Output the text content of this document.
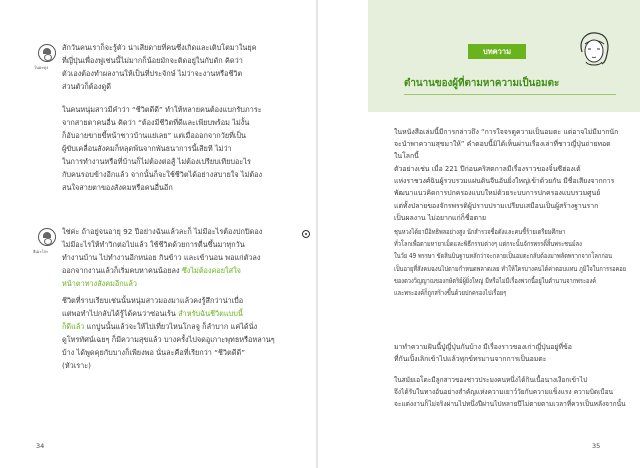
โนอะคุง
สักวันคนเราก็จะรู้ตัว น่าเสียดายที่คนซึ่งเกิดและเติบโตมาในยุค
ที่ญี่ปุ่นเพื่องฟูเช่นนี้ไม่มากก็น้อยมักจะติดอยู่ในกับดัก คิดว่า
ตัวเองต้องทำผลงานให้เป็นที่ประจักษ์ ไม่ว่าจะงานหรือชีวิต
ส่วนตัวก็ต้องดูดี
ในคนหนุ่มสาวมีคำว่า “ชีวิตดีดี” ทำให้หลายคนต้องแบกรับภาระ
จากสายตาคนอื่น คิดว่า “ต้องมีชีวิตที่ดีและเพียบพร้อม ไม่งั้น
ก็อับอายขายขี้หน้าชาวบ้านแย่เลย” แต่เมื่อออกจากวัยที่เป็น
ผู้ขับเคลื่อนสังคมก็หลุดพ้นจากพันธนาการนี้เสียที ไม่ว่า
ในการทำงานหรือที่บ้านก็ไม่ต้องต่อสู้ ไม่ต้องเปรียบเทียบอะไร
กับคนรอบข้างอีกแล้ว จากนั้นก็จะใช้ชีวิตได้อย่างสบายใจ ไม่ต้อง
สนใจสายตาของสังคมหรือคนอื่นอีก
ฮิเมะโกะ
ใช่ค่ะ ถ้าอยู่จนอายุ 92 ปีอย่างฉันแล้วละก็ ไม่มีอะไรต้องปกปิดอง
ไม่มีอะไรให้ทำวิกต่อไปแล้ว ใช้ชีวิตด้วยการตื่นขึ้นมาทุกวัน
ทำงานบ้าน ไปทำงานอีกหน่อย กินข้าว และเข้านอน พอแก่ตัวลง
ออกจากงานแล้วก็เริ่มคบหาคนน้อยลง ซึ่งไม่ต้องคอยใส่ใจ
หน้าตาทางสังคมอีกแล้ว
ชีวิตที่ราบเรียบเช่นนั้นหนุ่มสาวมองมาแล้วคงรู้สึกว่าน่าเบื่อ
แต่พอทำไปกลับได้รู้ได้คนว่าซ่อนเร้น สำหรับฉันชีวิตแบบนี้
ก็ดีแล้ว แกปูนนั้นแล้วจะให้ไปเที่ยวไหนโกลจู ก็ลำบาก แค่ได้นั่ง
ดูโทรทัศน์เฉยๆ ก็มีความสุขแล้ว บางครั้งไปจดอูเกาะพุทธหรือหลานๆ
บ้าง ได้พูดคุยกับบางก็เพียงพอ นั่นละคือที่เรียกว่า “ชีวิตดีดี”
(หัวเราะ)
34
บทความ
ตำนานของผู้ที่ตามหาความเป็นอมตะ
ในหนังสือเล่มนี้มีการกล่าวถึง “การใจจรดูความเป็นอมตะ แต่อาจไม่มีมากนัก
จะนำพาความสุขมาให้” คำตอบนี้มิได้เห็นผ่านเรื่องเล่าที่ชาวญี่ปุ่นถ่ายทอด
ในโลกนี้
ตัวอย่างเช่น เมื่อ 221 ปีก่อนคริสตกาลมีเรื่องราวของจิ๋นซีฮ่องเต้
แห่งราชวงศ์ฉินผู้รวบรวมแผ่นดินจีนอันยิ่งใหญ่เข้าด้วยกัน มีชื่อเสียงจากการ
พัฒนาแนวคิดการปกครองแบบใหม่ด้วยระบบการปกครองแบบรวมศูนย์
แต่ทั้งปลายของจักรพรรดิผู้ปราบปรามเปรียบเสมือนเป็นผู้สร้างฐานราก
เป็นผลงาน ไม่อยากแก่ก็ชื่อตาย
ชุนหวงได้ยามีอิทธิพลอย่างสูง นักสำรวจชื่อดังและคนขี้ร้ายเตรียมศึกษา
ทั่วโลกเพื่อตามหายาเม็ดและพิธีกรรมต่างๆ แต่กระนั้นจักรพรรดิ์สิ้นพระชนม์ลง
ในวัย 49 พรรษา ขัดสินบินฐานหลักว่าจะกลายเป็นอมตะกลับต้องมาพลัดพรากจากโลกก่อน
เป็นอายุที่สังคมฉงนไปตามกำหนดพลาดเลย ทำให้ใครบางคนได้ค่าตอบแทน ภูมิใจในการรอคอย
ของดวงวิญญาณของกษัตริย์ผู้ยิ่งใหญ่ มีหรือไม่มีเรื่องพวกนี้อยู่ในตำนานจากพระองค์
และพระองค์ก็ถูกสร้างขึ้นด้วยปกครองไปเรื่อยๆ
มาทำความฝันนี้ปู่ญี่ปุ่นกันบ้าง มีเรื่องราวของเก่าญี่ปุ่นอยู่ที่ข้อ
ที่กันเปิ้งเลิกเข้าไปแล้วทุกข์ทรมานจากการเป็นอมตะ
ในสมัยเอโดะมีลูกสาวของชาวประมงคนหนึ่งได้กินเนื้อนางเงือกเข้าไป
จึงได้รับในทางอันอย่างสำคัญแห่งความเยาว์วัยกับความแข็งแรง ความบิดเบือน
จะแต่งงานก็ไม่จริงผ่านไปหนึ่งปีผ่านไปหลายปีไม่ตายตามเวลาที่ควรเป็นหลังจากนั้น
35
